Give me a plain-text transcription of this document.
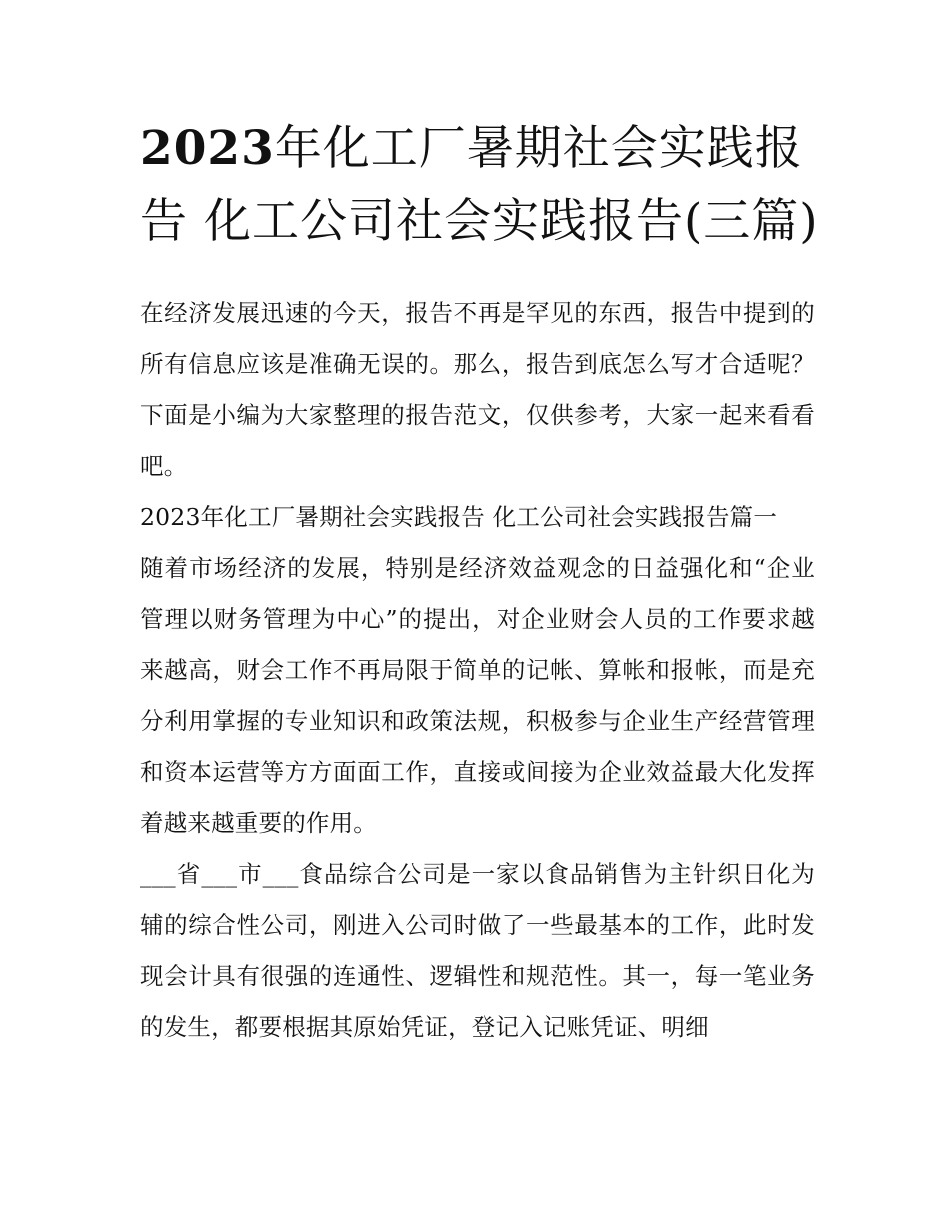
2023年化工厂暑期社会实践报告 化工公司社会实践报告(三篇)

在经济发展迅速的今天，报告不再是罕见的东西，报告中提到的所有信息应该是准确无误的。那么，报告到底怎么写才合适呢？下面是小编为大家整理的报告范文，仅供参考，大家一起来看看吧。

2023年化工厂暑期社会实践报告 化工公司社会实践报告篇一

随着市场经济的发展，特别是经济效益观念的日益强化和“企业管理以财务管理为中心”的提出，对企业财会人员的工作要求越来越高，财会工作不再局限于简单的记帐、算帐和报帐，而是充分利用掌握的专业知识和政策法规，积极参与企业生产经营管理和资本运营等方方面面工作，直接或间接为企业效益最大化发挥着越来越重要的作用。

___省___市___食品综合公司是一家以食品销售为主针织日化为辅的综合性公司，刚进入公司时做了一些最基本的工作，此时发现会计具有很强的连通性、逻辑性和规范性。其一，每一笔业务的发生，都要根据其原始凭证，登记入记账凭证、明细
